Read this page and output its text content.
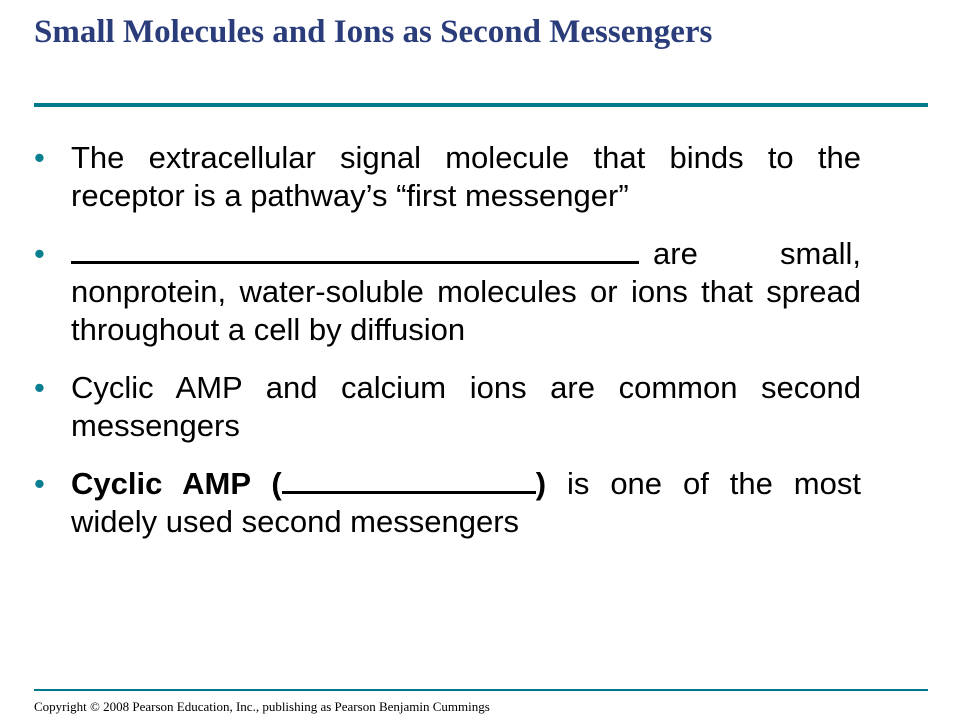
Small Molecules and Ions as Second Messengers
• The extracellular signal molecule that binds to the receptor is a pathway’s “first messenger”
•	are small, nonprotein, water-soluble molecules or ions that spread throughout a cell by diffusion
• Cyclic AMP and calcium ions are common second messengers
• Cyclic AMP (	) is one of the most widely used second messengers
Copyright © 2008 Pearson Education, Inc., publishing as Pearson Benjamin Cummings
